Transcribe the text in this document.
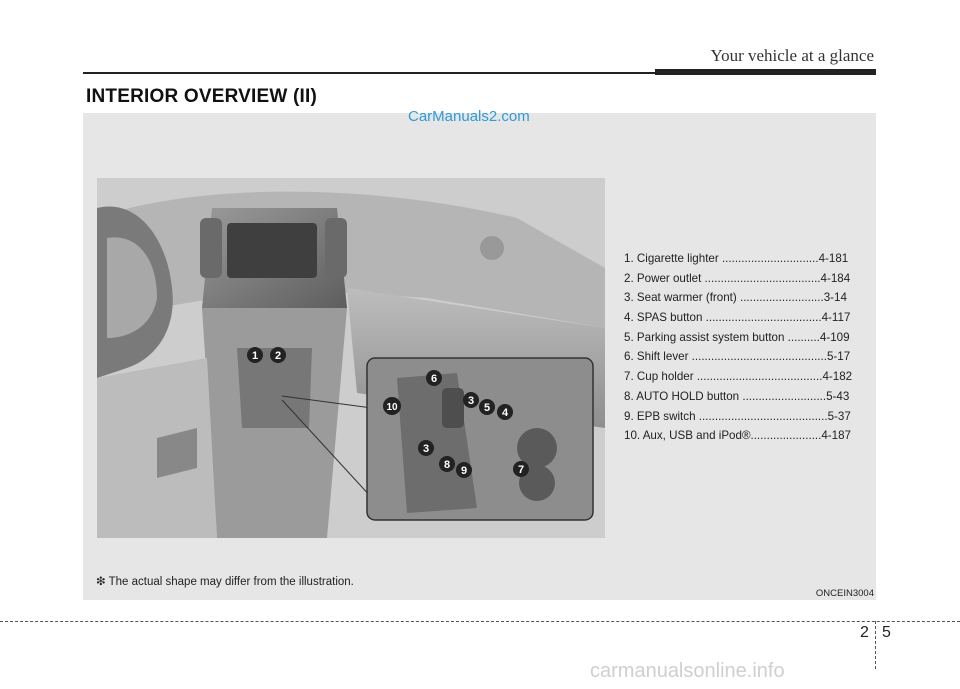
Your vehicle at a glance
INTERIOR OVERVIEW (II)
CarManuals2.com
1 2
6
3
5 4
10
3
8 9	7
1. Cigarette lighter ..............................4-181
2. Power outlet ....................................4-184
3. Seat warmer (front) ..........................3-14
4. SPAS button ....................................4-117
5. Parking assist system button ..........4-109
6. Shift lever ..........................................5-17
7. Cup holder .......................................4-182
8. AUTO HOLD button ..........................5-43
9. EPB switch ........................................5-37
10. Aux, USB and iPod®......................4-187
❇ The actual shape may differ from the illustration.
ONCEIN3004
2 5
carmanualsonline.info
